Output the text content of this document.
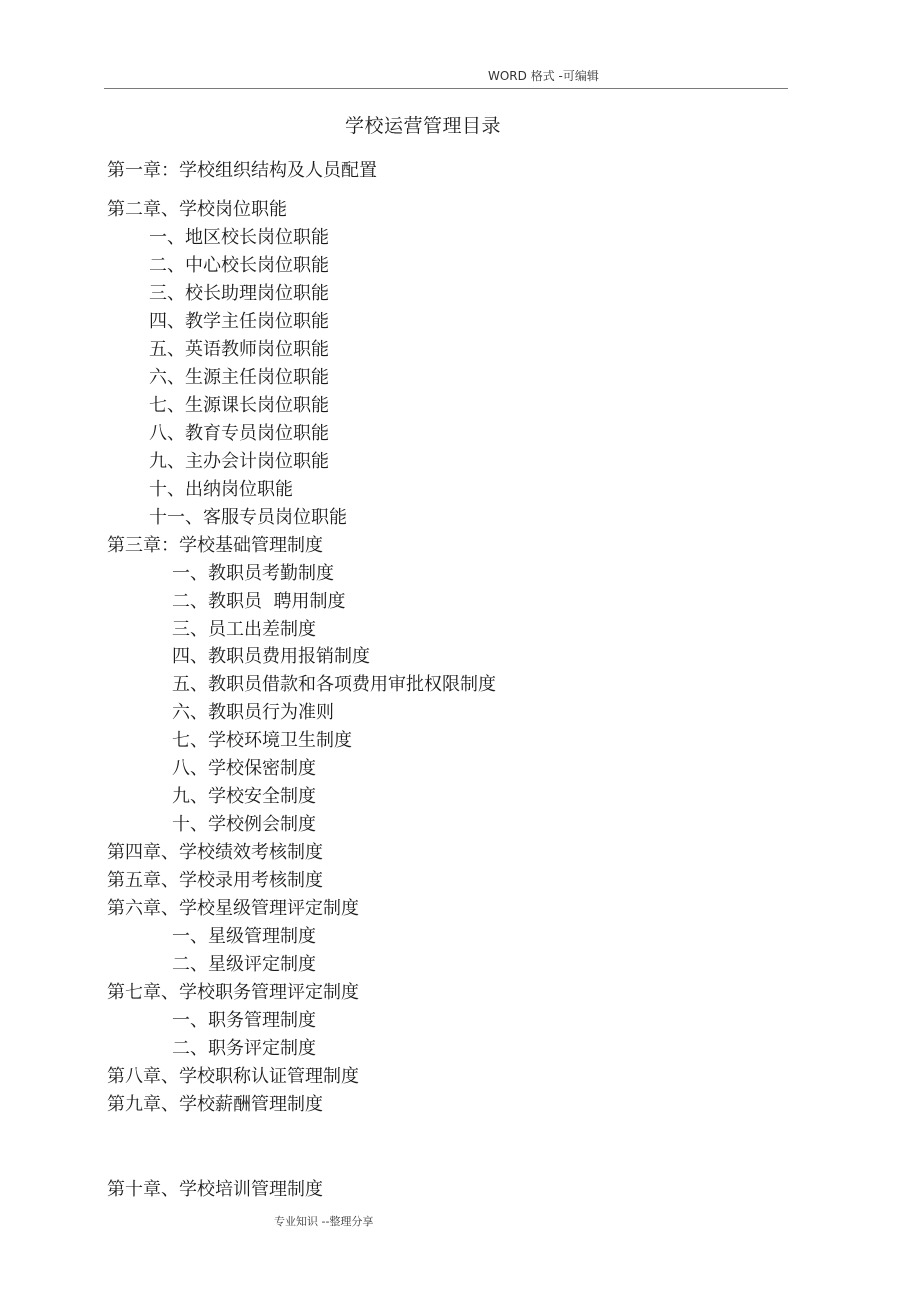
WORD 格式 -可编辑
学校运营管理目录
第一章：学校组织结构及人员配置
第二章、学校岗位职能
一、地区校长岗位职能
二、中心校长岗位职能
三、校长助理岗位职能
四、教学主任岗位职能
五、英语教师岗位职能
六、生源主任岗位职能
七、生源课长岗位职能
八、教育专员岗位职能
九、主办会计岗位职能
十、出纳岗位职能
十一、客服专员岗位职能
第三章：学校基础管理制度
一、教职员考勤制度
二、教职员  聘用制度
三、员工出差制度
四、教职员费用报销制度
五、教职员借款和各项费用审批权限制度
六、教职员行为准则
七、学校环境卫生制度
八、学校保密制度
九、学校安全制度
十、学校例会制度
第四章、学校绩效考核制度
第五章、学校录用考核制度
第六章、学校星级管理评定制度
一、星级管理制度
二、星级评定制度
第七章、学校职务管理评定制度
一、职务管理制度
二、职务评定制度
第八章、学校职称认证管理制度
第九章、学校薪酬管理制度
第十章、学校培训管理制度
专业知识 --整理分享
